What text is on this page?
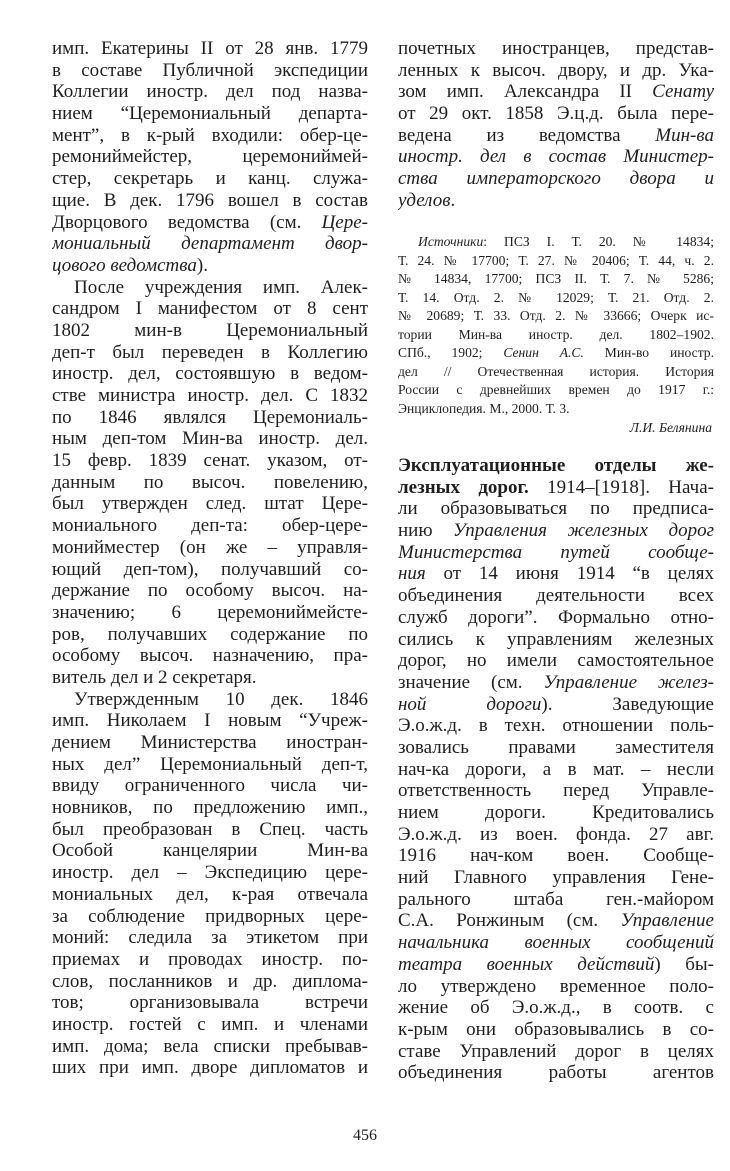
имп. Екатерины II от 28 янв. 1779
в составе Публичной экспедиции
Коллегии иностр. дел под назва-
нием “Церемониальный департа-
мент”, в к-рый входили: обер-це-
ремониймейстер, церемониймей-
стер, секретарь и канц. служа-
щие. В дек. 1796 вошел в состав
Дворцового ведомства (см. Цере-
мониальный департамент двор-
цового ведомства).
После учреждения имп. Алек-
сандром I манифестом от 8 сент
1802 мин-в Церемониальный
деп-т был переведен в Коллегию
иностр. дел, состоявшую в ведом-
стве министра иностр. дел. С 1832
по 1846 являлся Церемониаль-
ным деп-том Мин-ва иностр. дел.
15 февр. 1839 сенат. указом, от-
данным по высоч. повелению,
был утвержден след. штат Цере-
мониального деп-та: обер-цере-
монийместер (он же – управля-
ющий деп-том), получавший со-
держание по особому высоч. на-
значению; 6 церемониймейсте-
ров, получавших содержание по
особому высоч. назначению, пра-
витель дел и 2 секретаря.
Утвержденным 10 дек. 1846
имп. Николаем I новым “Учреж-
дением Министерства иностран-
ных дел” Церемониальный деп-т,
ввиду ограниченного числа чи-
новников, по предложению имп.,
был преобразован в Спец. часть
Особой канцелярии Мин-ва
иностр. дел – Экспедицию цере-
мониальных дел, к-рая отвечала
за соблюдение придворных цере-
моний: следила за этикетом при
приемах и проводах иностр. по-
слов, посланников и др. диплома-
тов; организовывала встречи
иностр. гостей с имп. и членами
имп. дома; вела списки пребывав-
ших при имп. дворе дипломатов и
почетных иностранцев, представ-
ленных к высоч. двору, и др. Ука-
зом имп. Александра II Сенату
от 29 окт. 1858 Э.ц.д. была пере-
ведена из ведомства Мин-ва
иностр. дел в состав Министер-
ства императорского двора и
уделов.
Источники: ПСЗ I. Т. 20. № 14834;
Т. 24. № 17700; Т. 27. № 20406; Т. 44, ч. 2.
№ 14834, 17700; ПСЗ II. Т. 7. № 5286;
Т. 14. Отд. 2. № 12029; Т. 21. Отд. 2.
№ 20689; Т. 33. Отд. 2. № 33666; Очерк ис-
тории Мин-ва иностр. дел. 1802–1902.
СПб., 1902; Сенин А.С. Мин-во иностр.
дел // Отечественная история. История
России с древнейших времен до 1917 г.:
Энциклопедия. М., 2000. Т. 3.
Л.И. Белянина
Эксплуатационные отделы же-
лезных дорог. 1914–[1918]. Нача-
ли образовываться по предписа-
нию Управления железных дорог
Министерства путей сообще-
ния от 14 июня 1914 “в целях
объединения деятельности всех
служб дороги”. Формально отно-
сились к управлениям железных
дорог, но имели самостоятельное
значение (см. Управление желез-
ной дороги). Заведующие
Э.о.ж.д. в техн. отношении поль-
зовались правами заместителя
нач-ка дороги, а в мат. – несли
ответственность перед Управле-
нием дороги. Кредитовались
Э.о.ж.д. из воен. фонда. 27 авг.
1916 нач-ком воен. Сообще-
ний Главного управления Гене-
рального штаба ген.-майором
С.А. Ронжиным (см. Управление
начальника военных сообщений
театра военных действий) бы-
ло утверждено временное поло-
жение об Э.о.ж.д., в соотв. с
к-рым они образовывались в со-
ставе Управлений дорог в целях
объединения работы агентов
456
